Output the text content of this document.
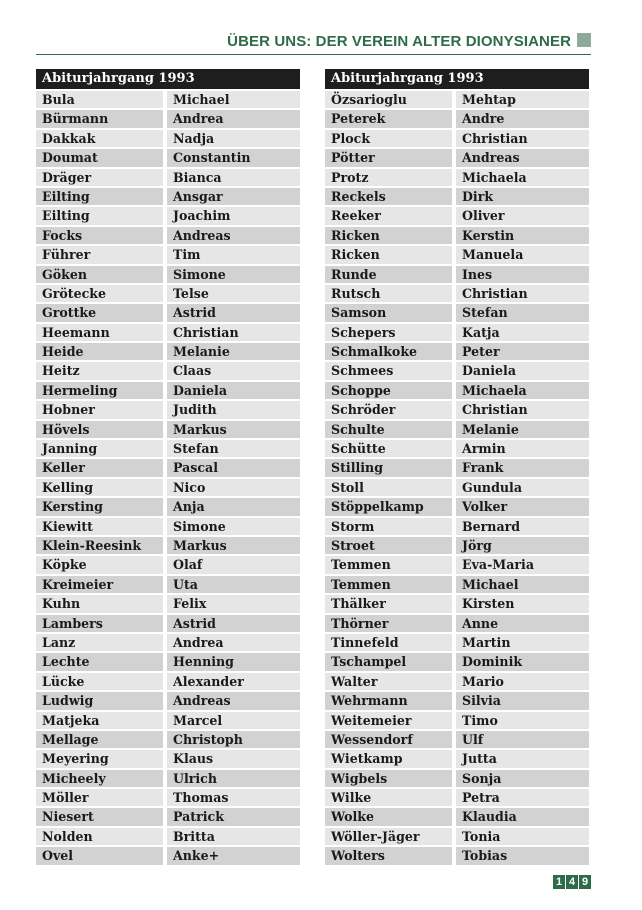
ÜBER UNS: DER VEREIN ALTER DIONYSIANER
Abiturjahrgang 1993
Bula	Michael
Bürmann	Andrea
Dakkak	Nadja
Doumat	Constantin
Dräger	Bianca
Eilting	Ansgar
Eilting	Joachim
Focks	Andreas
Führer	Tim
Göken	Simone
Grötecke	Telse
Grottke	Astrid
Heemann	Christian
Heide	Melanie
Heitz	Claas
Hermeling	Daniela
Hobner	Judith
Hövels	Markus
Janning	Stefan
Keller	Pascal
Kelling	Nico
Kersting	Anja
Kiewitt	Simone
Klein-Reesink	Markus
Köpke	Olaf
Kreimeier	Uta
Kuhn	Felix
Lambers	Astrid
Lanz	Andrea
Lechte	Henning
Lücke	Alexander
Ludwig	Andreas
Matjeka	Marcel
Mellage	Christoph
Meyering	Klaus
Micheely	Ulrich
Möller	Thomas
Niesert	Patrick
Nolden	Britta
Ovel	Anke+
Abiturjahrgang 1993
Özsarioglu	Mehtap
Peterek	Andre
Plock	Christian
Pötter	Andreas
Protz	Michaela
Reckels	Dirk
Reeker	Oliver
Ricken	Kerstin
Ricken	Manuela
Runde	Ines
Rutsch	Christian
Samson	Stefan
Schepers	Katja
Schmalkoke	Peter
Schmees	Daniela
Schoppe	Michaela
Schröder	Christian
Schulte	Melanie
Schütte	Armin
Stilling	Frank
Stoll	Gundula
Stöppelkamp	Volker
Storm	Bernard
Stroet	Jörg
Temmen	Eva-Maria
Temmen	Michael
Thälker	Kirsten
Thörner	Anne
Tinnefeld	Martin
Tschampel	Dominik
Walter	Mario
Wehrmann	Silvia
Weitemeier	Timo
Wessendorf	Ulf
Wietkamp	Jutta
Wigbels	Sonja
Wilke	Petra
Wolke	Klaudia
Wöller-Jäger	Tonia
Wolters	Tobias
1 4 9
